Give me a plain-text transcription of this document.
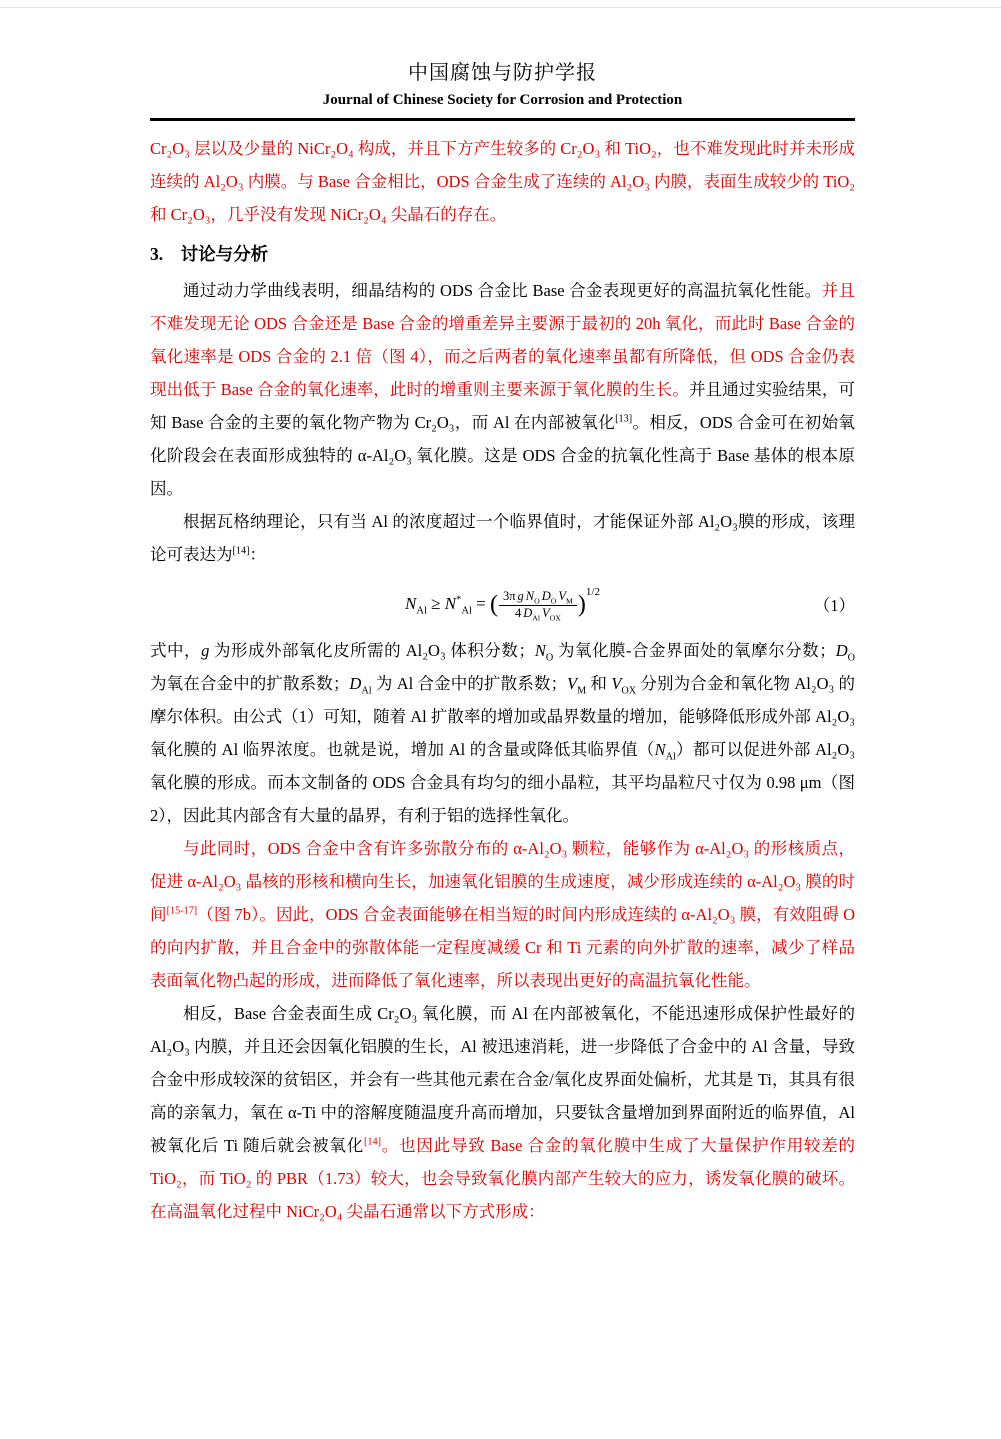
中国腐蚀与防护学报
Journal of Chinese Society for Corrosion and Protection

Cr₂O₃ 层以及少量的 NiCr₂O₄ 构成，并且下方产生较多的 Cr₂O₃ 和 TiO₂，也不难发现此时并未形成连续的 Al₂O₃ 内膜。与 Base 合金相比，ODS 合金生成了连续的 Al₂O₃ 内膜，表面生成较少的 TiO₂ 和 Cr₂O₃，几乎没有发现 NiCr₂O₄ 尖晶石的存在。

3. 讨论与分析

通过动力学曲线表明，细晶结构的 ODS 合金比 Base 合金表现更好的高温抗氧化性能。并且不难发现无论 ODS 合金还是 Base 合金的增重差异主要源于最初的 20h 氧化，而此时 Base 合金的氧化速率是 ODS 合金的 2.1 倍（图 4），而之后两者的氧化速率虽都有所降低，但 ODS 合金仍表现出低于 Base 合金的氧化速率，此时的增重则主要来源于氧化膜的生长。并且通过实验结果，可知 Base 合金的主要的氧化物产物为 Cr₂O₃，而 Al 在内部被氧化[13]。相反，ODS 合金可在初始氧化阶段会在表面形成独特的 α-Al₂O₃ 氧化膜。这是 ODS 合金的抗氧化性高于 Base 基体的根本原因。

根据瓦格纳理论，只有当 Al 的浓度超过一个临界值时，才能保证外部 Al₂O₃膜的形成，该理论可表达为[14]：

$N_{Al} \ge N^*_{Al}$ = ( $\frac{3\pi g N_O D_O V_M}{4 D_{Al} V_{OX}} )^{1/2}$
（1）

式中，g 为形成外部氧化皮所需的 Al₂O₃ 体积分数；$N_O$ 为氧化膜-合金界面处的氧摩尔分数；$D_O$ 为氧在合金中的扩散系数；$D_{Al}$ 为 Al 合金中的扩散系数；$V_M$ 和 $V_{OX}$ 分别为合金和氧化物 Al₂O₃ 的摩尔体积。由公式（1）可知，随着 Al 扩散率的增加或晶界数量的增加，能够降低形成外部 Al₂O₃ 氧化膜的 Al 临界浓度。也就是说，增加 Al 的含量或降低其临界值$(N_{Al})$都可以促进外部 Al₂O₃ 氧化膜的形成。而本文制备的 ODS 合金具有均匀的细小晶粒，其平均晶粒尺寸仅为 0.98 μm（图 2），因此其内部含有大量的晶界，有利于铝的选择性氧化。

与此同时，ODS 合金中含有许多弥散分布的 α-Al₂O₃ 颗粒，能够作为 α-Al₂O₃ 的形核质点，促进 α-Al₂O₃ 晶核的形核和横向生长，加速氧化铝膜的生成速度，减少形成连续的 α-Al₂O₃ 膜的时间[15-17]（图 7b）。因此，ODS 合金表面能够在相当短的时间内形成连续的 α-Al₂O₃ 膜，有效阻碍 O 的向内扩散，并且合金中的弥散体能一定程度减缓 Cr 和 Ti 元素的向外扩散的速率，减少了样品表面氧化物凸起的形成，进而降低了氧化速率，所以表现出更好的高温抗氧化性能。

相反，Base 合金表面生成 Cr₂O₃ 氧化膜，而 Al 在内部被氧化，不能迅速形成保护性最好的 Al₂O₃ 内膜，并且还会因氧化铝膜的生长，Al 被迅速消耗，进一步降低了合金中的 Al 含量，导致合金中形成较深的贫铝区，并会有一些其他元素在合金/氧化皮界面处偏析，尤其是 Ti，其具有很高的亲氧力，氧在 α-Ti 中的溶解度随温度升高而增加，只要钛含量增加到界面附近的临界值，Al 被氧化后 Ti 随后就会被氧化[14]。也因此导致 Base 合金的氧化膜中生成了大量保护作用较差的 TiO₂，而 TiO₂ 的 PBR（1.73）较大，也会导致氧化膜内部产生较大的应力，诱发氧化膜的破坏。在高温氧化过程中 NiCr₂O₄ 尖晶石通常以下方式形成：
